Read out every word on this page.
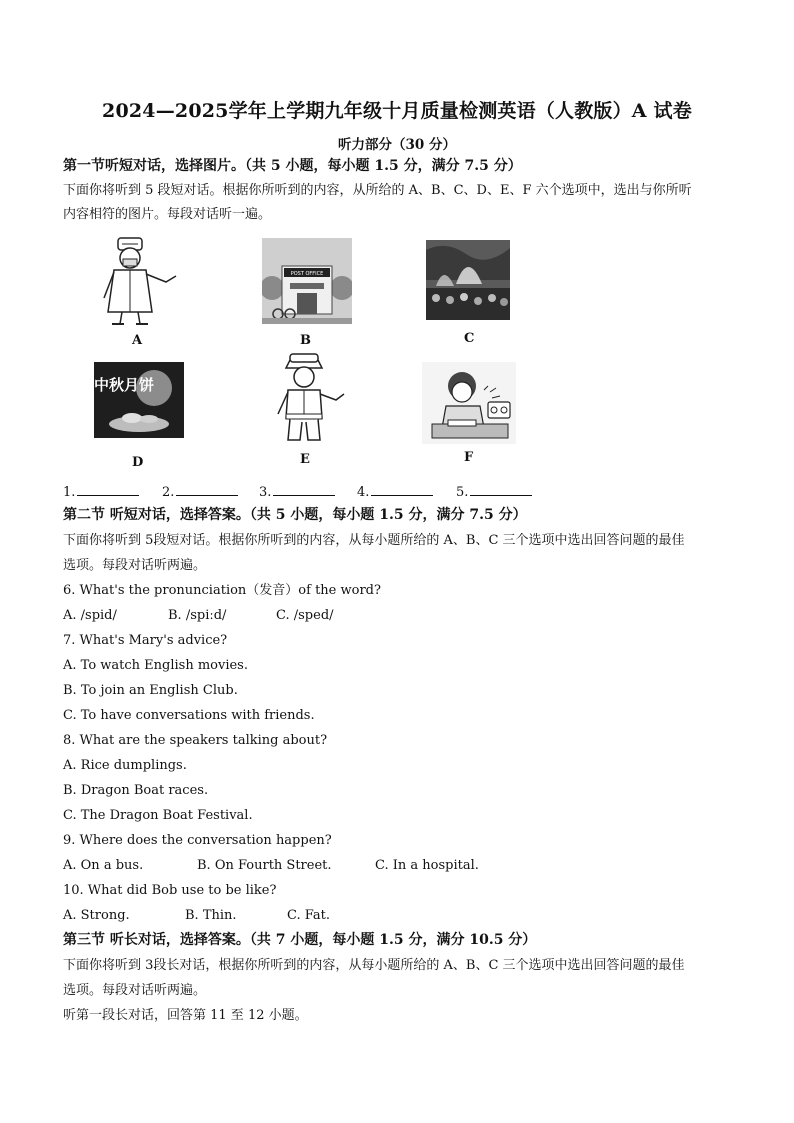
2024—2025学年上学期九年级十月质量检测英语（人教版）A 试卷
听力部分（30 分）
第一节听短对话，选择图片。（共 5 小题，每小题 1.5 分，满分 7.5 分）
下面你将听到 5 段短对话。根据你所听到的内容，从所给的 A、B、C、D、E、F 六个选项中，选出与你所听
内容相符的图片。每段对话听一遍。
A
POST OFFICE
B	C
中秋月饼
D	E	F
1.	2.	3.	4.	5.
第二节 听短对话，选择答案。（共 5 小题，每小题 1.5 分，满分 7.5 分）
下面你将听到 5段短对话。根据你所听到的内容，从每小题所给的 A、B、C 三个选项中选出回答问题的最佳
选项。每段对话听两遍。
6. What's the pronunciation（发音）of the word?
A. /spid/	B. /spiːd/	C. /sped/
7. What's Mary's advice?
A. To watch English movies.
B. To join an English Club.
C. To have conversations with friends.
8. What are the speakers talking about?
A. Rice dumplings.
B. Dragon Boat races.
C. The Dragon Boat Festival.
9. Where does the conversation happen?
A. On a bus.	B. On Fourth Street.	C. In a hospital.
10. What did Bob use to be like?
A. Strong.	B. Thin.	C. Fat.
第三节 听长对话，选择答案。（共 7 小题，每小题 1.5 分，满分 10.5 分）
下面你将听到 3段长对话，根据你所听到的内容，从每小题所给的 A、B、C 三个选项中选出回答问题的最佳
选项。每段对话听两遍。
听第一段长对话，回答第 11 至 12 小题。
